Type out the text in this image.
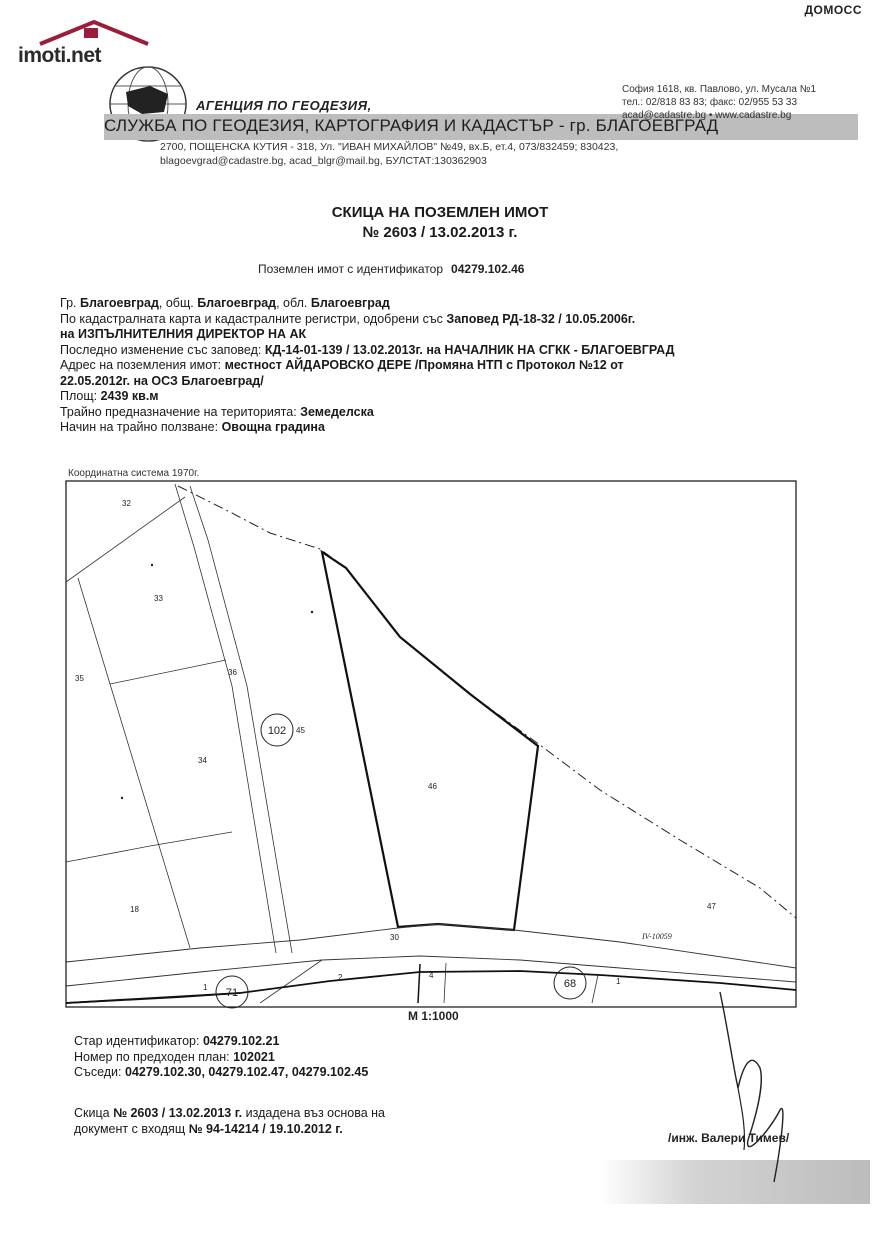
imoti.net
ДОМОСС
АГЕНЦИЯ ПО ГЕОДЕЗИЯ,
СЛУЖБА ПО ГЕОДЕЗИЯ, КАРТОГРАФИЯ И КАДАСТЪР - гр. БЛАГОЕВГРАД
София 1618, кв. Павлово, ул. Мусала №1
тел.: 02/818 83 83; факс: 02/955 53 33
acad@cadastre.bg • www.cadastre.bg
2700, ПОЩЕНСКА КУТИЯ - 318, Ул. "ИВАН МИХАЙЛОВ" №49, вх.Б, ет.4, 073/832459; 830423,
blagoevgrad@cadastre.bg, acad_blgr@mail.bg, БУЛСТАТ:130362903
СКИЦА НА ПОЗЕМЛЕН ИМОТ
№ 2603 / 13.02.2013 г.
Поземлен имот с идентификатор 04279.102.46
Гр. Благоевград, общ. Благоевград, обл. Благоевград
По кадастралната карта и кадастралните регистри, одобрени със Заповед РД-18-32 / 10.05.2006г.
на ИЗПЪЛНИТЕЛНИЯ ДИРЕКТОР НА АК
Последно изменение със заповед: КД-14-01-139 / 13.02.2013г. на НАЧАЛНИК НА СГКК - БЛАГОЕВГРАД
Адрес на поземления имот: местност АЙДАРОВСКО ДЕРЕ /Промяна НТП с Протокол №12 от
22.05.2012г. на ОСЗ Благоевград/
Площ: 2439 кв.м
Трайно предназначение на територията: Земеделска
Начин на трайно ползване: Овощна градина
Координатна система 1970г.
32
33
35
36
34
45
46
18	47
30	IV-10059
1
2	4
1
102
71
68
М 1:1000
Стар идентификатор: 04279.102.21
Номер по предходен план: 102021
Съседи: 04279.102.30, 04279.102.47, 04279.102.45
Скица № 2603 / 13.02.2013 г. издадена въз основа на
документ с входящ № 94-14214 / 19.10.2012 г.
/инж. Валери Тимев/
